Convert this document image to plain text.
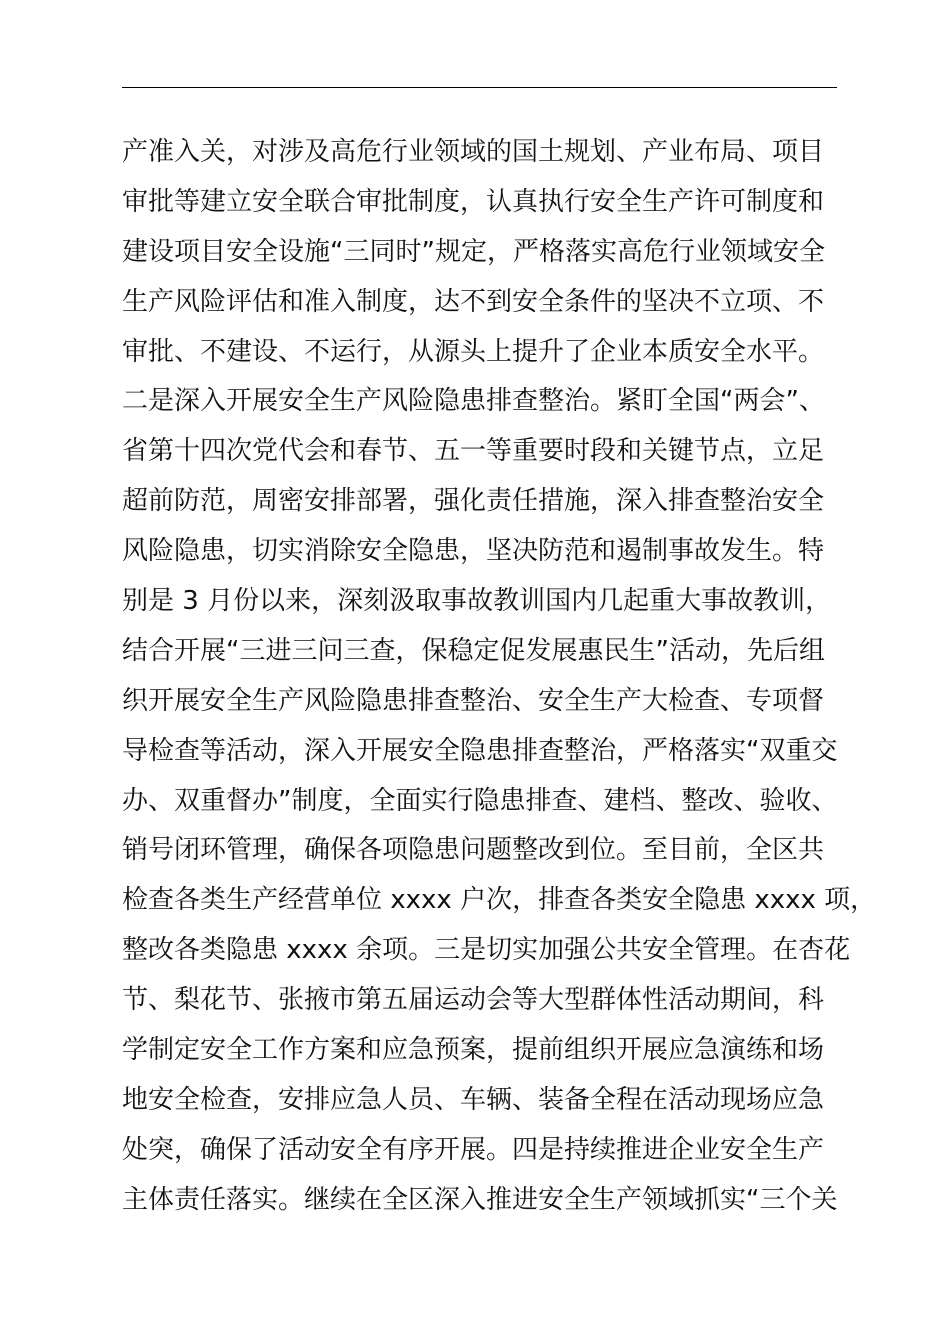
产准入关，对涉及高危行业领域的国土规划、产业布局、项目
审批等建立安全联合审批制度，认真执行安全生产许可制度和
建设项目安全设施“三同时”规定，严格落实高危行业领域安全
生产风险评估和准入制度，达不到安全条件的坚决不立项、不
审批、不建设、不运行，从源头上提升了企业本质安全水平。
二是深入开展安全生产风险隐患排查整治。紧盯全国“两会”、
省第十四次党代会和春节、五一等重要时段和关键节点，立足
超前防范，周密安排部署，强化责任措施，深入排查整治安全
风险隐患，切实消除安全隐患，坚决防范和遏制事故发生。特
别是 3 月份以来，深刻汲取事故教训国内几起重大事故教训，
结合开展“三进三问三查，保稳定促发展惠民生”活动，先后组
织开展安全生产风险隐患排查整治、安全生产大检查、专项督
导检查等活动，深入开展安全隐患排查整治，严格落实“双重交
办、双重督办”制度，全面实行隐患排查、建档、整改、验收、
销号闭环管理，确保各项隐患问题整改到位。至目前，全区共
检查各类生产经营单位 xxxx 户次，排查各类安全隐患 xxxx 项，
整改各类隐患 xxxx 余项。三是切实加强公共安全管理。在杏花
节、梨花节、张掖市第五届运动会等大型群体性活动期间，科
学制定安全工作方案和应急预案，提前组织开展应急演练和场
地安全检查，安排应急人员、车辆、装备全程在活动现场应急
处突，确保了活动安全有序开展。四是持续推进企业安全生产
主体责任落实。继续在全区深入推进安全生产领域抓实“三个关
